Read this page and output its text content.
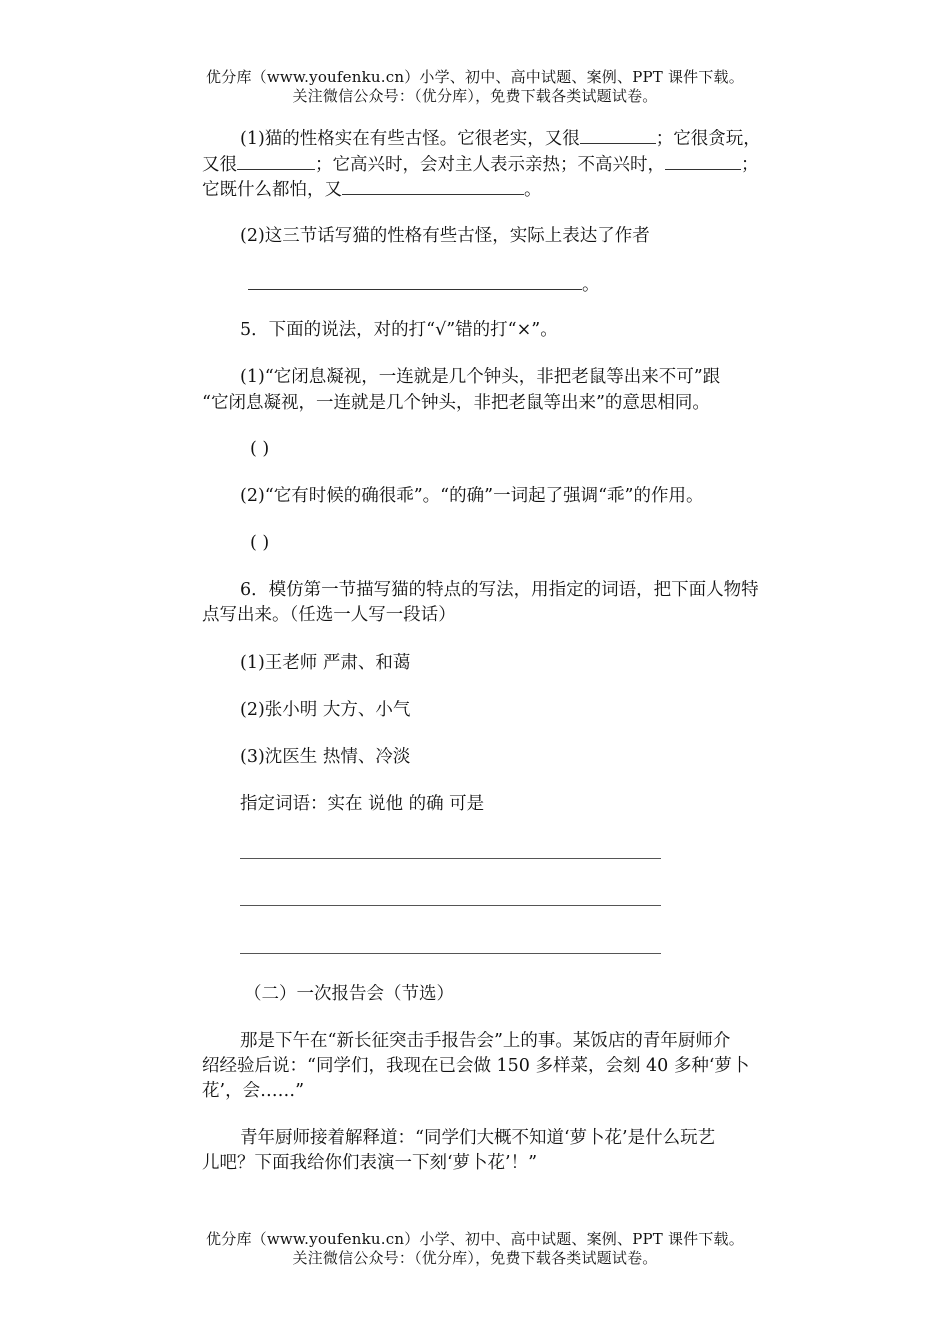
优分库（www.youfenku.cn）小学、初中、高中试题、案例、PPT 课件下载。
关注微信公众号：（优分库），免费下载各类试题试卷。
(1)猫的性格实在有些古怪。它很老实，又很	；它很贪玩，
又很	；它高兴时，会对主人表示亲热；不高兴时，	；
它既什么都怕，又	。
(2)这三节话写猫的性格有些古怪，实际上表达了作者
。
5．下面的说法，对的打“√”错的打“×”。
(1)“它闭息凝视，一连就是几个钟头，非把老鼠等出来不可”跟
“它闭息凝视，一连就是几个钟头，非把老鼠等出来”的意思相同。
( )
(2)“它有时候的确很乖”。“的确”一词起了强调“乖”的作用。
( )
6．模仿第一节描写猫的特点的写法，用指定的词语，把下面人物特
点写出来。（任选一人写一段话）
(1)王老师 严肃、和蔼
(2)张小明 大方、小气
(3)沈医生 热情、冷淡
指定词语：实在 说他 的确 可是
（二）一次报告会（节选）
那是下午在“新长征突击手报告会”上的事。某饭店的青年厨师介
绍经验后说：“同学们，我现在已会做 150 多样菜，会刻 40 多种‘萝卜
花’，会……”
青年厨师接着解释道：“同学们大概不知道‘萝卜花’是什么玩艺
儿吧？下面我给你们表演一下刻‘萝卜花’！”
优分库（www.youfenku.cn）小学、初中、高中试题、案例、PPT 课件下载。
关注微信公众号：（优分库），免费下载各类试题试卷。
